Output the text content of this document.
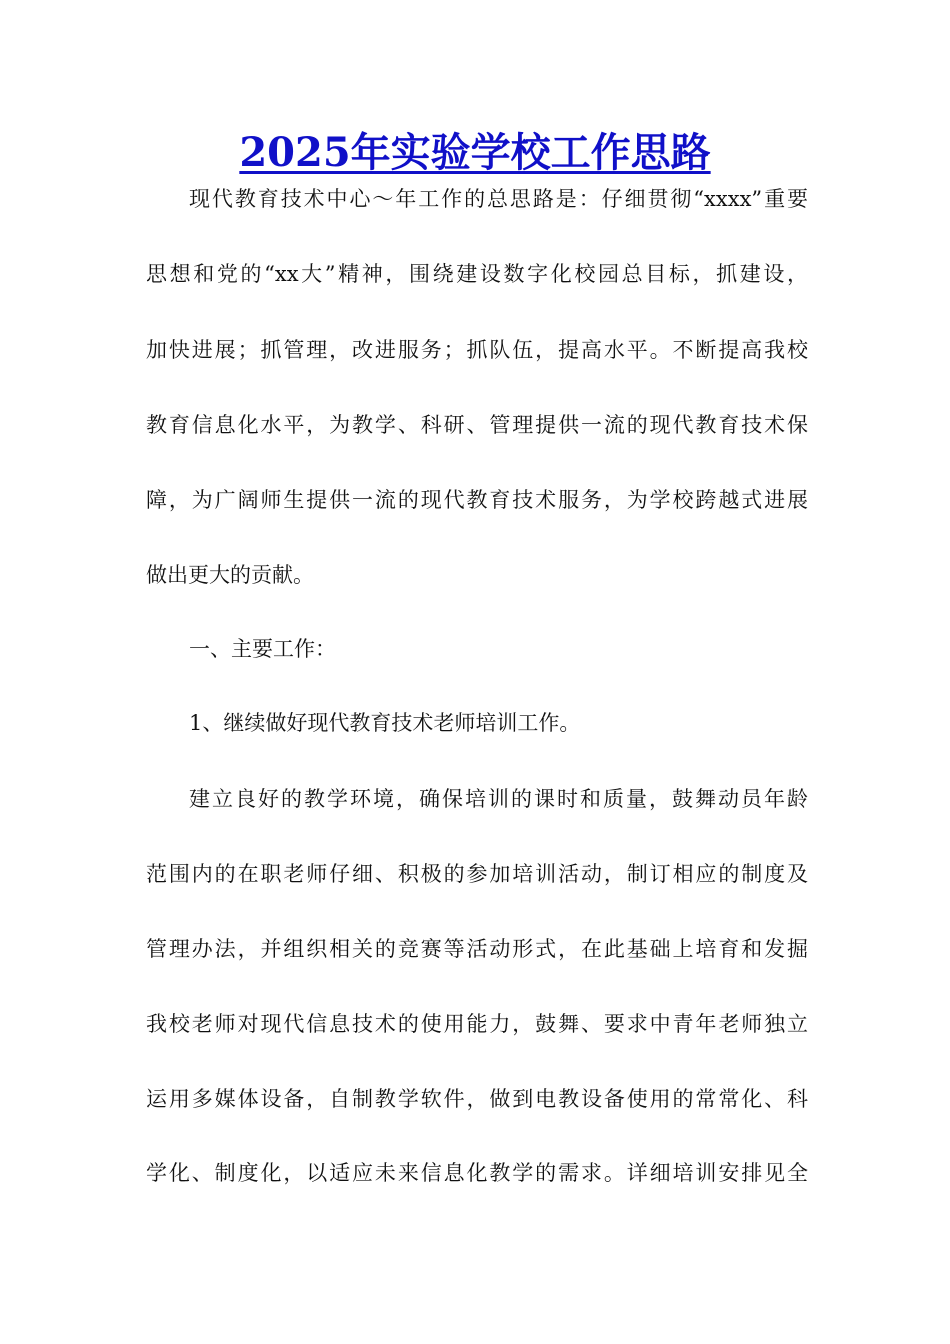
2025年实验学校工作思路
现代教育技术中心～年工作的总思路是：仔细贯彻“xxxx”重要
思想和党的“xx大”精神，围绕建设数字化校园总目标，抓建设，
加快进展；抓管理，改进服务；抓队伍，提高水平。不断提高我校
教育信息化水平，为教学、科研、管理提供一流的现代教育技术保
障，为广阔师生提供一流的现代教育技术服务，为学校跨越式进展
做出更大的贡献。
一、主要工作：
1、继续做好现代教育技术老师培训工作。
建立良好的教学环境，确保培训的课时和质量，鼓舞动员年龄
范围内的在职老师仔细、积极的参加培训活动，制订相应的制度及
管理办法，并组织相关的竞赛等活动形式，在此基础上培育和发掘
我校老师对现代信息技术的使用能力，鼓舞、要求中青年老师独立
运用多媒体设备，自制教学软件，做到电教设备使用的常常化、科
学化、制度化，以适应未来信息化教学的需求。详细培训安排见全
